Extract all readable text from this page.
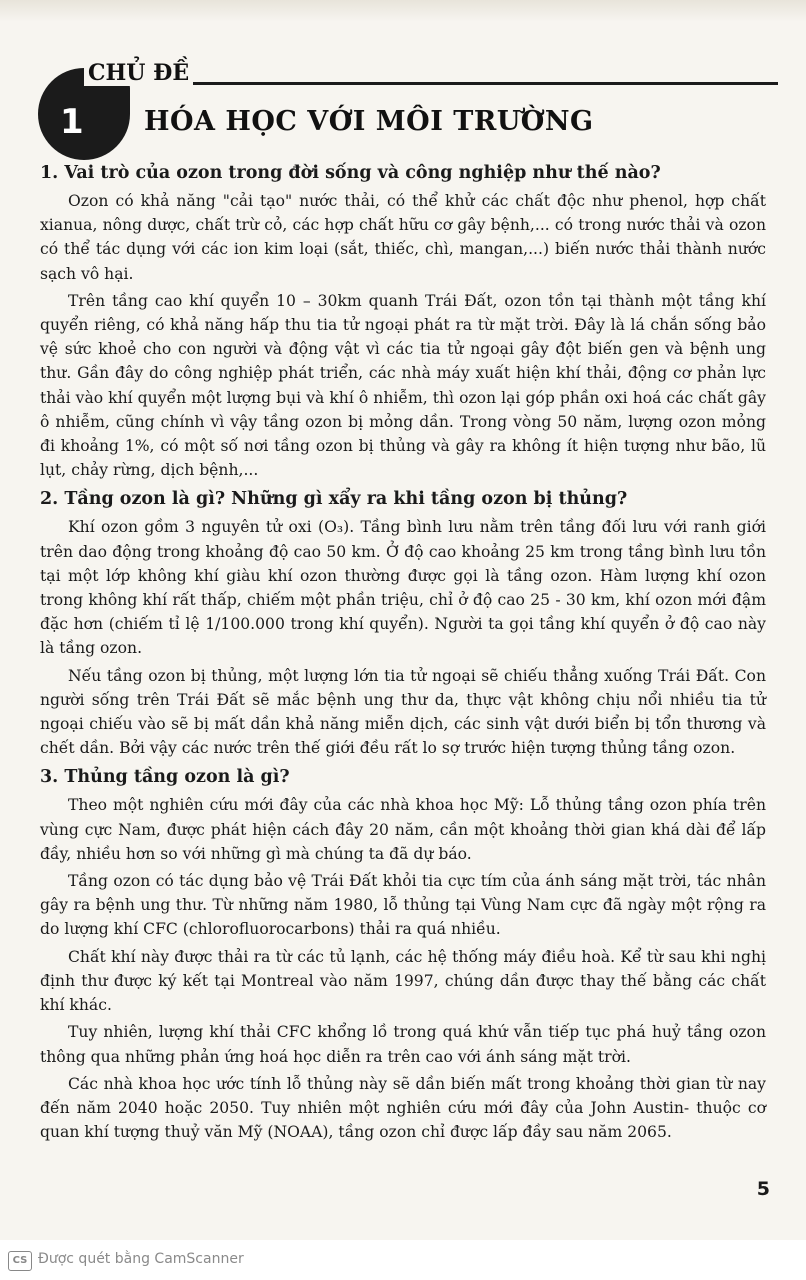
CHỦ ĐỀ
1 HÓA HỌC VỚI MÔI TRƯỜNG
1. Vai trò của ozon trong đời sống và công nghiệp như thế nào?

Ozon có khả năng "cải tạo" nước thải, có thể khử các chất độc như phenol, hợp chất xianua, nông dược, chất trừ cỏ, các hợp chất hữu cơ gây bệnh,... có trong nước thải và ozon có thể tác dụng với các ion kim loại (sắt, thiếc, chì, mangan,...) biến nước thải thành nước sạch vô hại.

Trên tầng cao khí quyển 10 – 30km quanh Trái Đất, ozon tồn tại thành một tầng khí quyển riêng, có khả năng hấp thu tia tử ngoại phát ra từ mặt trời. Đây là lá chắn sống bảo vệ sức khoẻ cho con người và động vật vì các tia tử ngoại gây đột biến gen và bệnh ung thư. Gần đây do công nghiệp phát triển, các nhà máy xuất hiện khí thải, động cơ phản lực thải vào khí quyển một lượng bụi và khí ô nhiễm, thì ozon lại góp phần oxi hoá các chất gây ô nhiễm, cũng chính vì vậy tầng ozon bị mỏng dần. Trong vòng 50 năm, lượng ozon mỏng đi khoảng 1%, có một số nơi tầng ozon bị thủng và gây ra không ít hiện tượng như bão, lũ lụt, chảy rừng, dịch bệnh,...

2. Tầng ozon là gì? Những gì xẩy ra khi tầng ozon bị thủng?

Khí ozon gồm 3 nguyên tử oxi (O₃). Tầng bình lưu nằm trên tầng đối lưu với ranh giới trên dao động trong khoảng độ cao 50 km. Ở độ cao khoảng 25 km trong tầng bình lưu tồn tại một lớp không khí giàu khí ozon thường được gọi là tầng ozon. Hàm lượng khí ozon trong không khí rất thấp, chiếm một phần triệu, chỉ ở độ cao 25 - 30 km, khí ozon mới đậm đặc hơn (chiếm tỉ lệ 1/100.000 trong khí quyển). Người ta gọi tầng khí quyển ở độ cao này là tầng ozon.

Nếu tầng ozon bị thủng, một lượng lớn tia tử ngoại sẽ chiếu thẳng xuống Trái Đất. Con người sống trên Trái Đất sẽ mắc bệnh ung thư da, thực vật không chịu nổi nhiều tia tử ngoại chiếu vào sẽ bị mất dần khả năng miễn dịch, các sinh vật dưới biển bị tổn thương và chết dần. Bởi vậy các nước trên thế giới đều rất lo sợ trước hiện tượng thủng tầng ozon.

3. Thủng tầng ozon là gì?

Theo một nghiên cứu mới đây của các nhà khoa học Mỹ: Lỗ thủng tầng ozon phía trên vùng cực Nam, được phát hiện cách đây 20 năm, cần một khoảng thời gian khá dài để lấp đầy, nhiều hơn so với những gì mà chúng ta đã dự báo.

Tầng ozon có tác dụng bảo vệ Trái Đất khỏi tia cực tím của ánh sáng mặt trời, tác nhân gây ra bệnh ung thư. Từ những năm 1980, lỗ thủng tại Vùng Nam cực đã ngày một rộng ra do lượng khí CFC (chlorofluorocarbons) thải ra quá nhiều.

Chất khí này được thải ra từ các tủ lạnh, các hệ thống máy điều hoà. Kể từ sau khi nghị định thư được ký kết tại Montreal vào năm 1997, chúng dần được thay thế bằng các chất khí khác.

Tuy nhiên, lượng khí thải CFC khổng lồ trong quá khứ vẫn tiếp tục phá huỷ tầng ozon thông qua những phản ứng hoá học diễn ra trên cao với ánh sáng mặt trời.

Các nhà khoa học ước tính lỗ thủng này sẽ dần biến mất trong khoảng thời gian từ nay đến năm 2040 hoặc 2050. Tuy nhiên một nghiên cứu mới đây của John Austin- thuộc cơ quan khí tượng thuỷ văn Mỹ (NOAA), tầng ozon chỉ được lấp đầy sau năm 2065.

5
CS Được quét bằng CamScanner
